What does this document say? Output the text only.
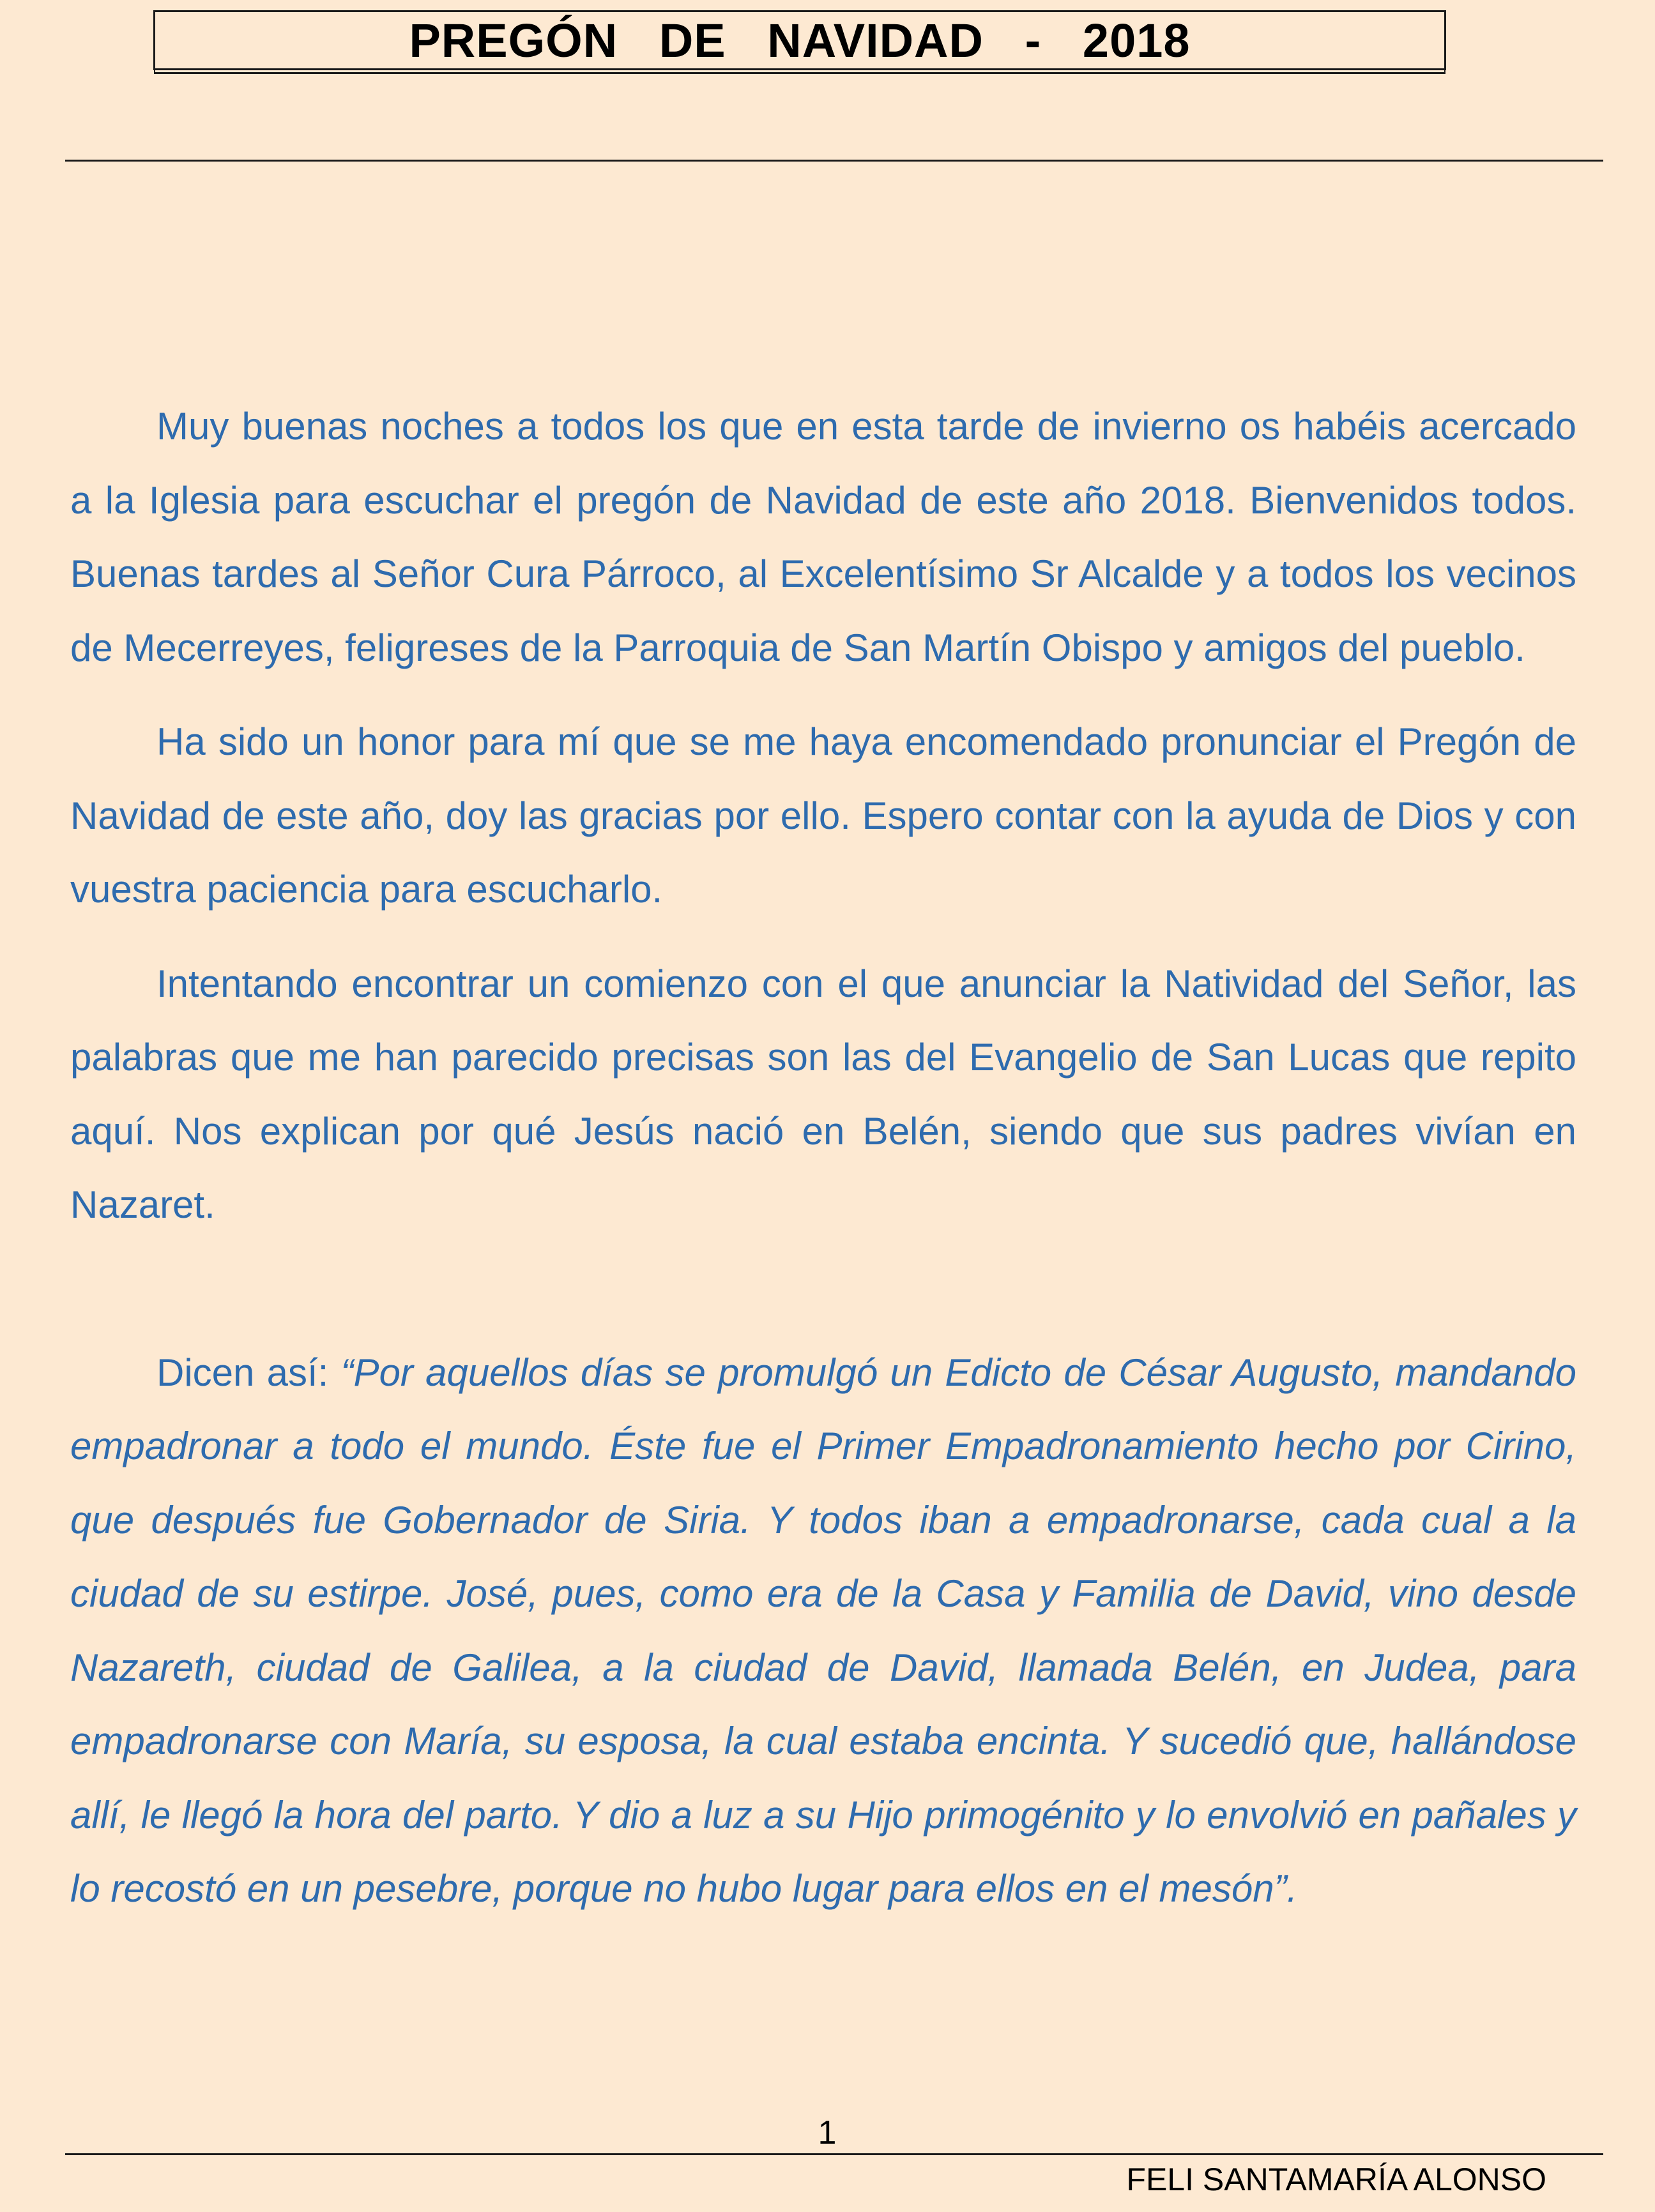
PREGÓN   DE   NAVIDAD   -   2018

Muy buenas noches a todos los que en esta tarde de invierno os habéis acercado a la Iglesia para escuchar el pregón de Navidad de este año 2018. Bienvenidos todos. Buenas tardes al Señor Cura Párroco, al Excelentísimo Sr Alcalde y a todos los vecinos de Mecerreyes, feligreses de la Parroquia de San Martín Obispo y amigos del pueblo.

Ha sido un honor para mí que se me haya encomendado pronunciar el Pregón de Navidad de este año, doy las gracias por ello. Espero contar con la ayuda de Dios y con vuestra paciencia para escucharlo.

Intentando encontrar un comienzo con el que anunciar la Natividad del Señor, las palabras que me han parecido precisas son las del Evangelio de San Lucas que repito aquí. Nos explican por qué Jesús nació en Belén, siendo que sus padres vivían en Nazaret.

Dicen así: “Por aquellos días se promulgó un Edicto de César Augusto, mandando empadronar a todo el mundo. Éste fue el Primer Empadronamiento hecho por Cirino, que después fue Gobernador de Siria. Y todos iban a empadronarse, cada cual a la ciudad de su estirpe. José, pues, como era de la Casa y Familia de David, vino desde Nazareth, ciudad de Galilea, a la ciudad de David, llamada Belén, en Judea, para empadronarse con María, su esposa, la cual estaba encinta. Y sucedió que, hallándose allí, le llegó la hora del parto. Y dio a luz a su Hijo primogénito y lo envolvió en pañales y lo recostó en un pesebre, porque no hubo lugar para ellos en el mesón”.

1
FELI SANTAMARÍA ALONSO
